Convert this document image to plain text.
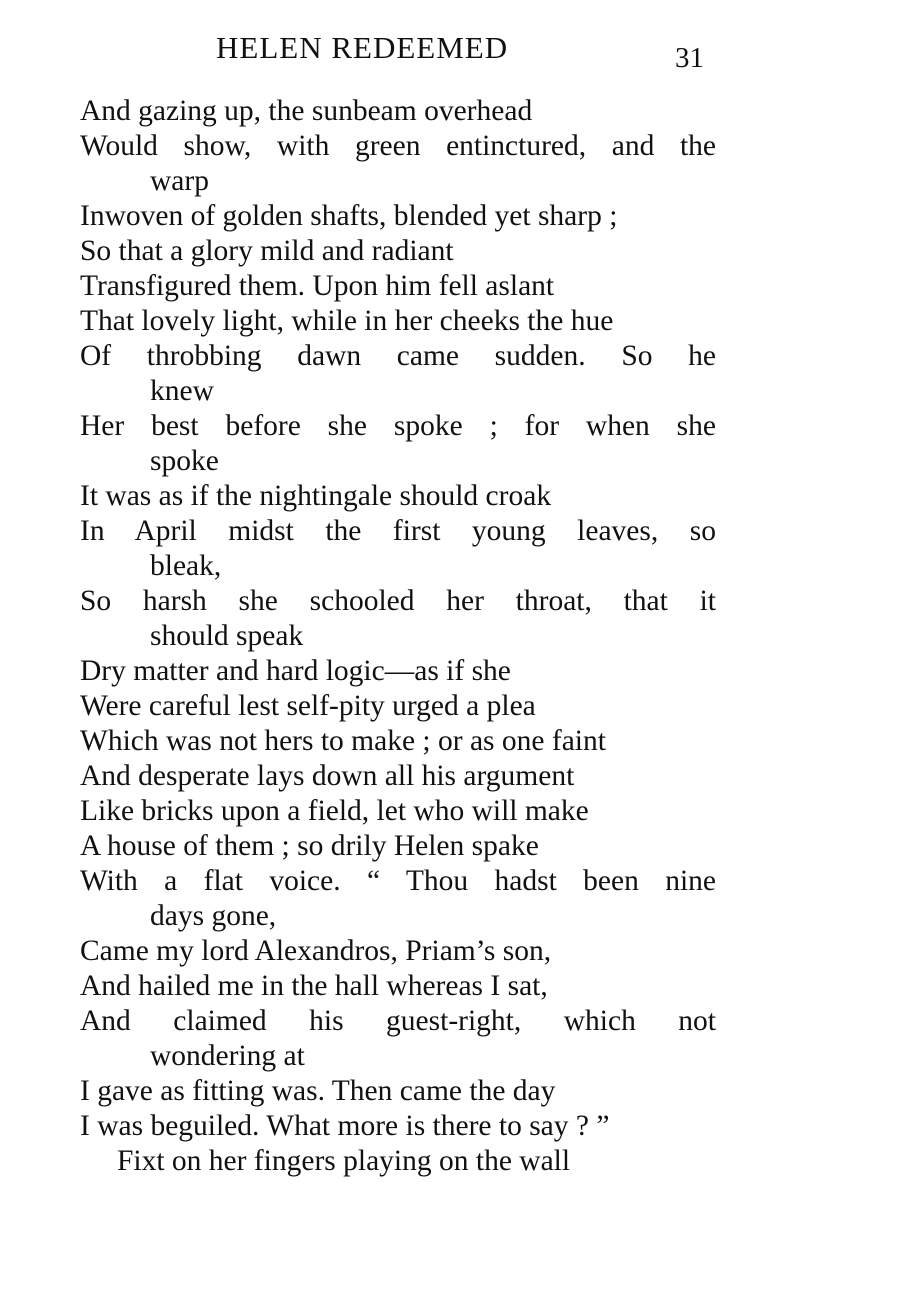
HELEN REDEEMED	31
And gazing up, the sunbeam overhead
Would show, with green entinctured, and the
warp
Inwoven of golden shafts, blended yet sharp ;
So that a glory mild and radiant
Transfigured them. Upon him fell aslant
That lovely light, while in her cheeks the hue
Of throbbing dawn came sudden. So he
knew
Her best before she spoke ; for when she
spoke
It was as if the nightingale should croak
In April midst the first young leaves, so
bleak,
So harsh she schooled her throat, that it
should speak
Dry matter and hard logic—as if she
Were careful lest self-pity urged a plea
Which was not hers to make ; or as one faint
And desperate lays down all his argument
Like bricks upon a field, let who will make
A house of them ; so drily Helen spake
With a flat voice. “ Thou hadst been nine
days gone,
Came my lord Alexandros, Priam’s son,
And hailed me in the hall whereas I sat,
And claimed his guest-right, which not
wondering at
I gave as fitting was. Then came the day
I was beguiled. What more is there to say ? ”
Fixt on her fingers playing on the wall
